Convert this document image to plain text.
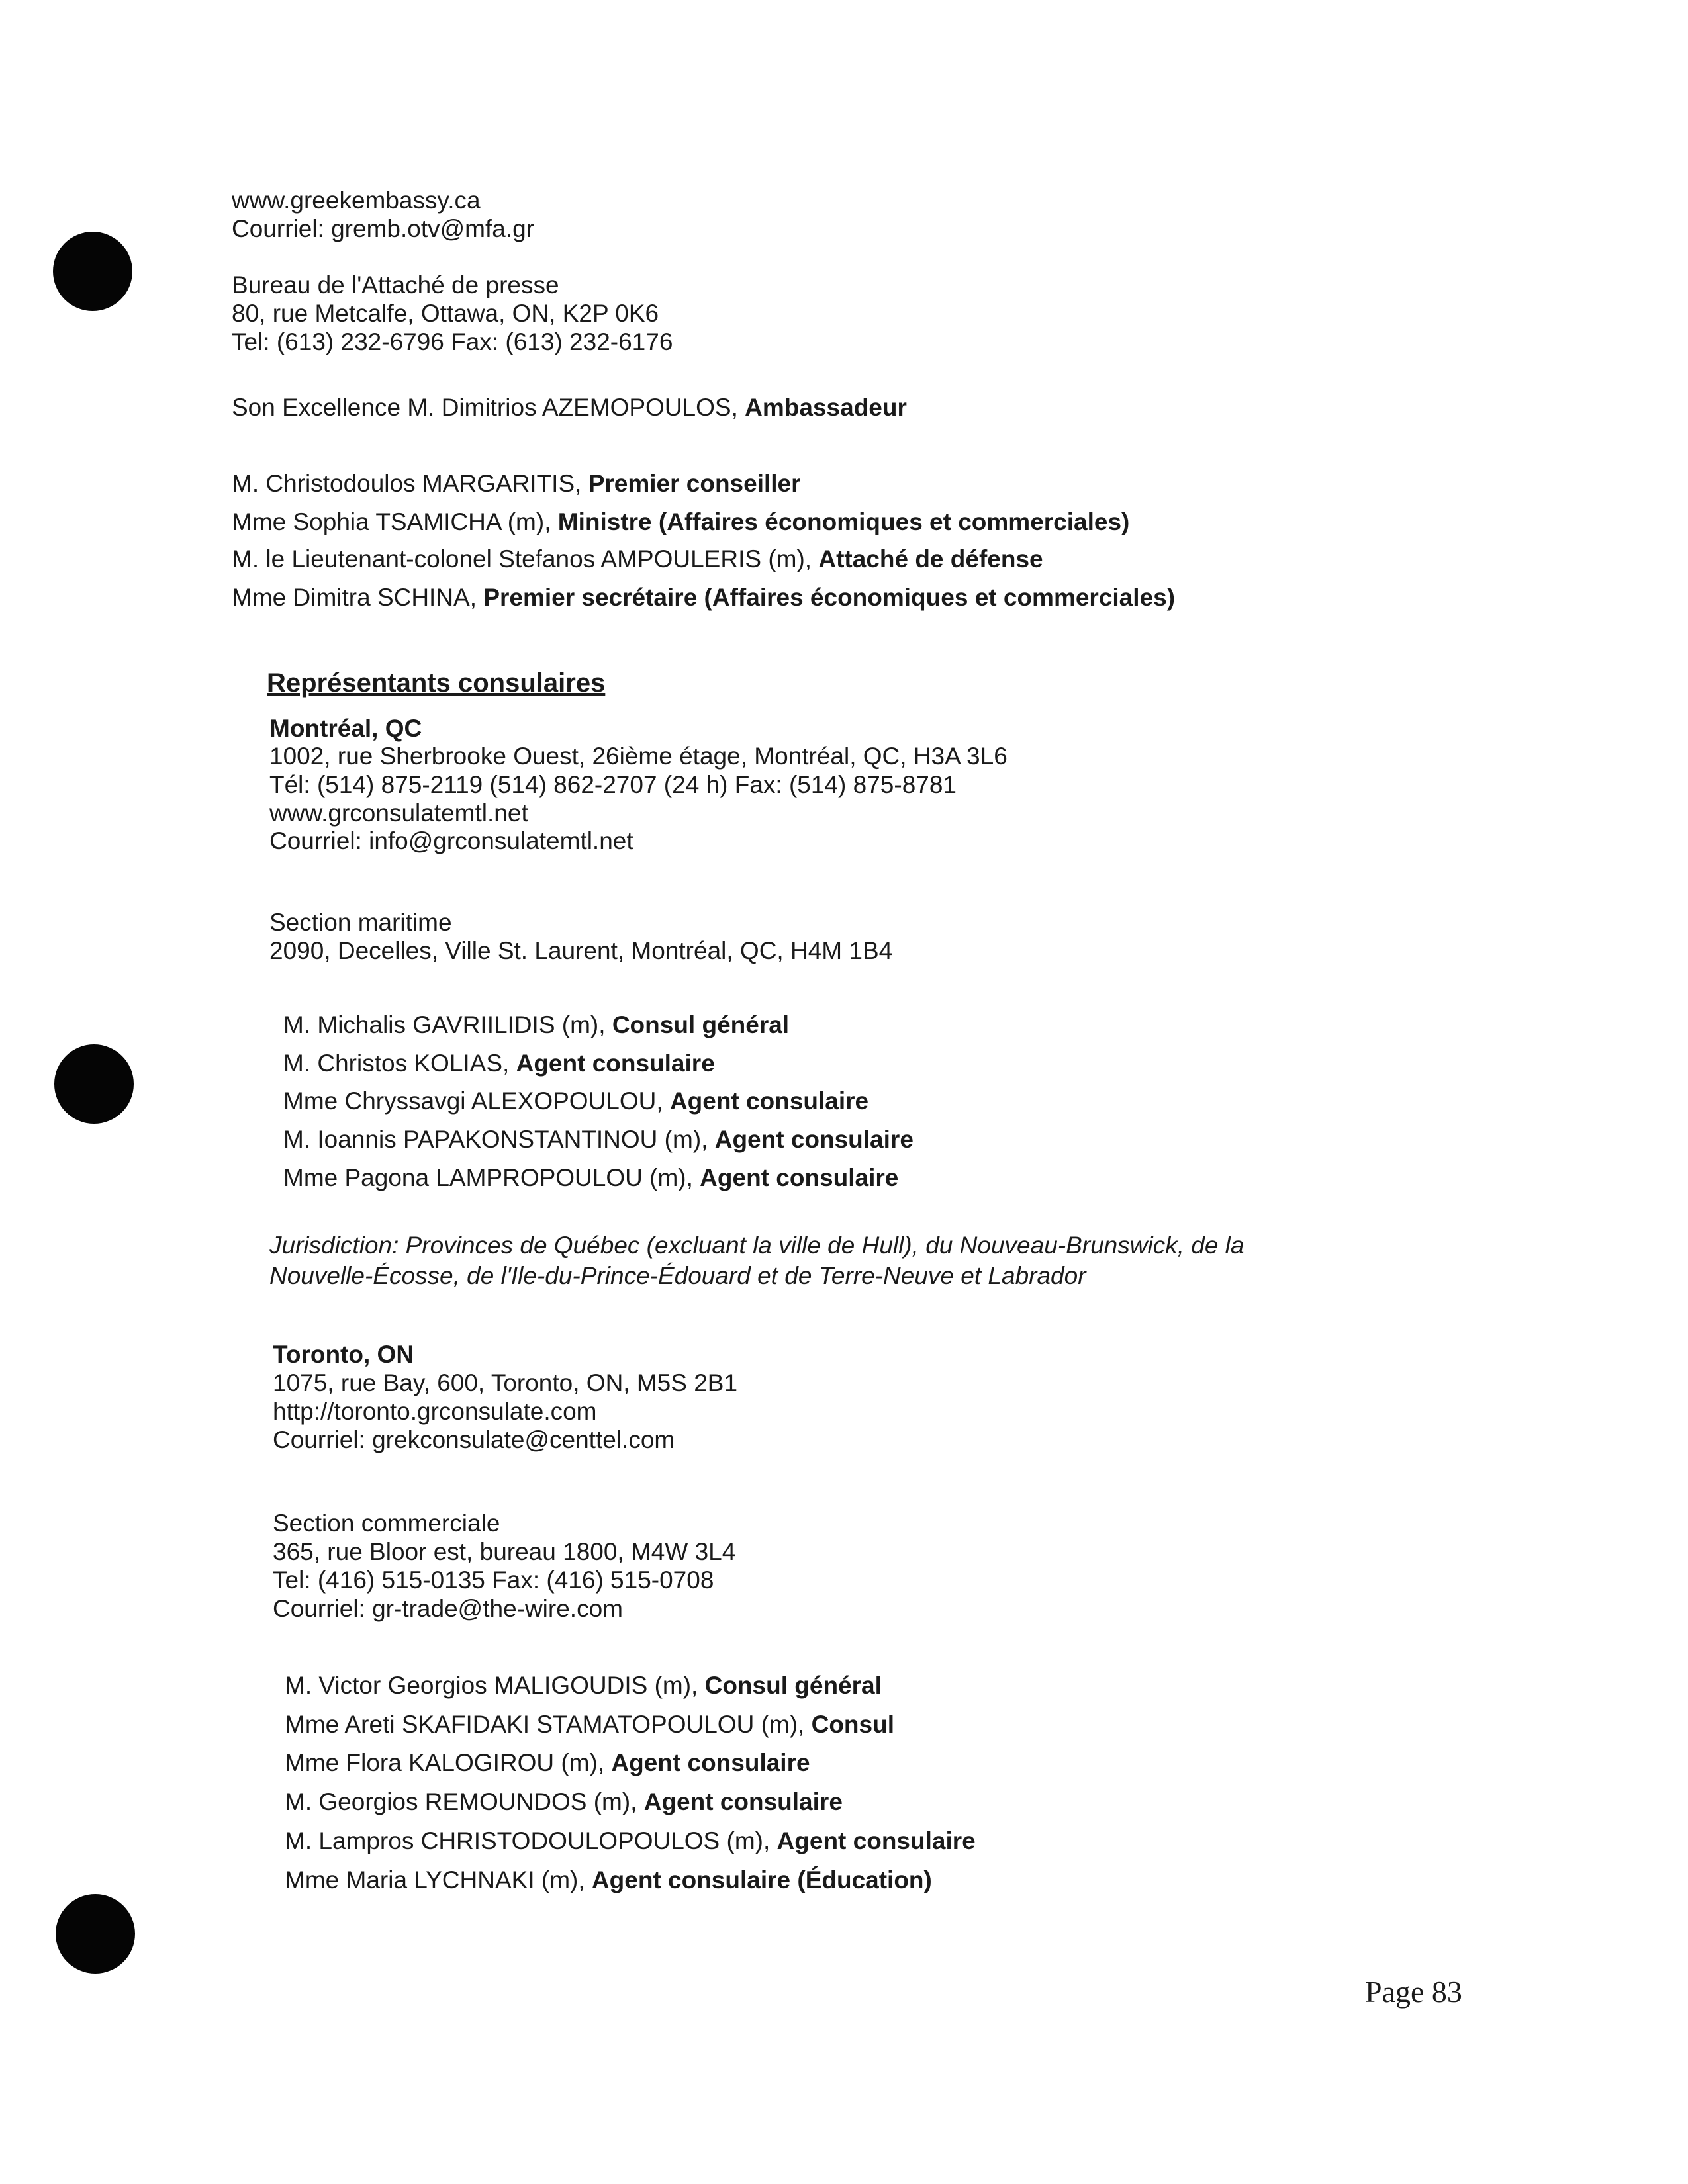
www.greekembassy.ca
Courriel: gremb.otv@mfa.gr
Bureau de l'Attaché de presse
80, rue Metcalfe, Ottawa, ON, K2P 0K6
Tel: (613) 232-6796 Fax: (613) 232-6176
Son Excellence M. Dimitrios AZEMOPOULOS, Ambassadeur
M. Christodoulos MARGARITIS, Premier conseiller
Mme Sophia TSAMICHA (m), Ministre (Affaires économiques et commerciales)
M. le Lieutenant-colonel Stefanos AMPOULERIS (m), Attaché de défense
Mme Dimitra SCHINA, Premier secrétaire (Affaires économiques et commerciales)
Représentants consulaires
Montréal, QC
1002, rue Sherbrooke Ouest, 26ième étage, Montréal, QC, H3A 3L6
Tél: (514) 875-2119 (514) 862-2707 (24 h) Fax: (514) 875-8781
www.grconsulatemtl.net
Courriel: info@grconsulatemtl.net
Section maritime
2090, Decelles, Ville St. Laurent, Montréal, QC, H4M 1B4
M. Michalis GAVRIILIDIS (m), Consul général
M. Christos KOLIAS, Agent consulaire
Mme Chryssavgi ALEXOPOULOU, Agent consulaire
M. Ioannis PAPAKONSTANTINOU (m), Agent consulaire
Mme Pagona LAMPROPOULOU (m), Agent consulaire
Jurisdiction: Provinces de Québec (excluant la ville de Hull), du Nouveau-Brunswick, de la
Nouvelle-Écosse, de l'Ile-du-Prince-Édouard et de Terre-Neuve et Labrador
Toronto, ON
1075, rue Bay, 600, Toronto, ON, M5S 2B1
http://toronto.grconsulate.com
Courriel: grekconsulate@centtel.com
Section commerciale
365, rue Bloor est, bureau 1800, M4W 3L4
Tel: (416) 515-0135 Fax: (416) 515-0708
Courriel: gr-trade@the-wire.com
M. Victor Georgios MALIGOUDIS (m), Consul général
Mme Areti SKAFIDAKI STAMATOPOULOU (m), Consul
Mme Flora KALOGIROU (m), Agent consulaire
M. Georgios REMOUNDOS (m), Agent consulaire
M. Lampros CHRISTODOULOPOULOS (m), Agent consulaire
Mme Maria LYCHNAKI (m), Agent consulaire (Éducation)
Page 83
